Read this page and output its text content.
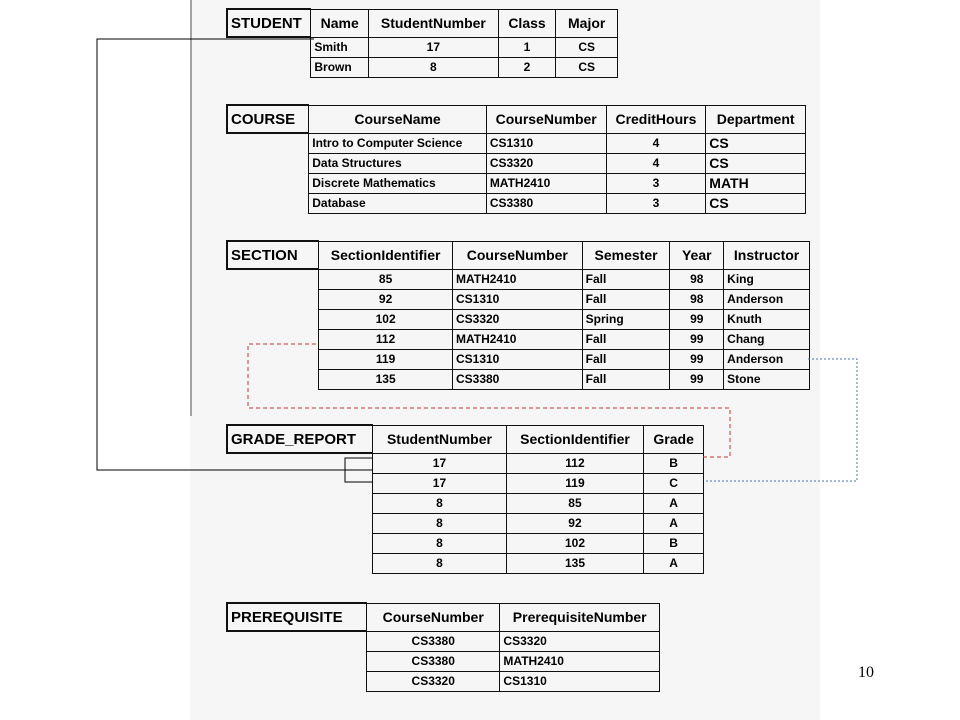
STUDENT	Name	StudentNumber	Class	Major
	Smith	17	1	CS
	Brown	8	2	CS
COURSE	CourseName	CourseNumber	CreditHours	Department
	Intro to Computer Science	CS1310	4	CS
	Data Structures	CS3320	4	CS
	Discrete Mathematics	MATH2410	3	MATH
	Database	CS3380	3	CS
SECTION	SectionIdentifier	CourseNumber	Semester	Year	Instructor
	85	MATH2410	Fall	98	King
	92	CS1310	Fall	98	Anderson
	102	CS3320	Spring	99	Knuth
	112	MATH2410	Fall	99	Chang
	119	CS1310	Fall	99	Anderson
	135	CS3380	Fall	99	Stone
GRADE_REPORT	StudentNumber	SectionIdentifier	Grade
	17	112	B
	17	119	C
	8	85	A
	8	92	A
	8	102	B
	8	135	A
PREREQUISITE	CourseNumber	PrerequisiteNumber
	CS3380	CS3320
	CS3380	MATH2410
	CS3320	CS1310	10
